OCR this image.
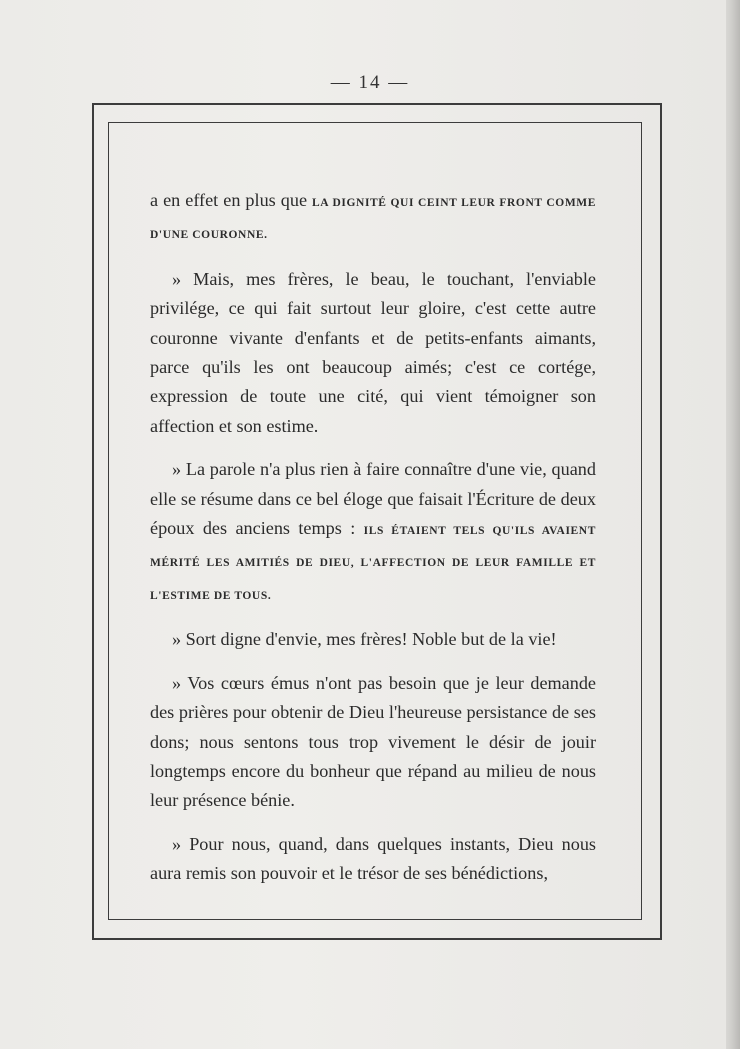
— 14 —

a en effet en plus que LA DIGNITÉ QUI CEINT LEUR FRONT COMME D'UNE COURONNE.

» Mais, mes frères, le beau, le touchant, l'enviable privilége, ce qui fait surtout leur gloire, c'est cette autre couronne vivante d'enfants et de petits-enfants aimants, parce qu'ils les ont beaucoup aimés; c'est ce cortége, expression de toute une cité, qui vient témoigner son affection et son estime.

» La parole n'a plus rien à faire connaître d'une vie, quand elle se résume dans ce bel éloge que faisait l'Écriture de deux époux des anciens temps : ILS ÉTAIENT TELS QU'ILS AVAIENT MÉRITÉ LES AMITIÉS DE DIEU, L'AFFECTION DE LEUR FAMILLE ET L'ESTIME DE TOUS.

» Sort digne d'envie, mes frères! Noble but de la vie!

» Vos cœurs émus n'ont pas besoin que je leur demande des prières pour obtenir de Dieu l'heureuse persistance de ses dons; nous sentons tous trop vivement le désir de jouir longtemps encore du bonheur que répand au milieu de nous leur présence bénie.

» Pour nous, quand, dans quelques instants, Dieu nous aura remis son pouvoir et le trésor de ses bénédictions,
